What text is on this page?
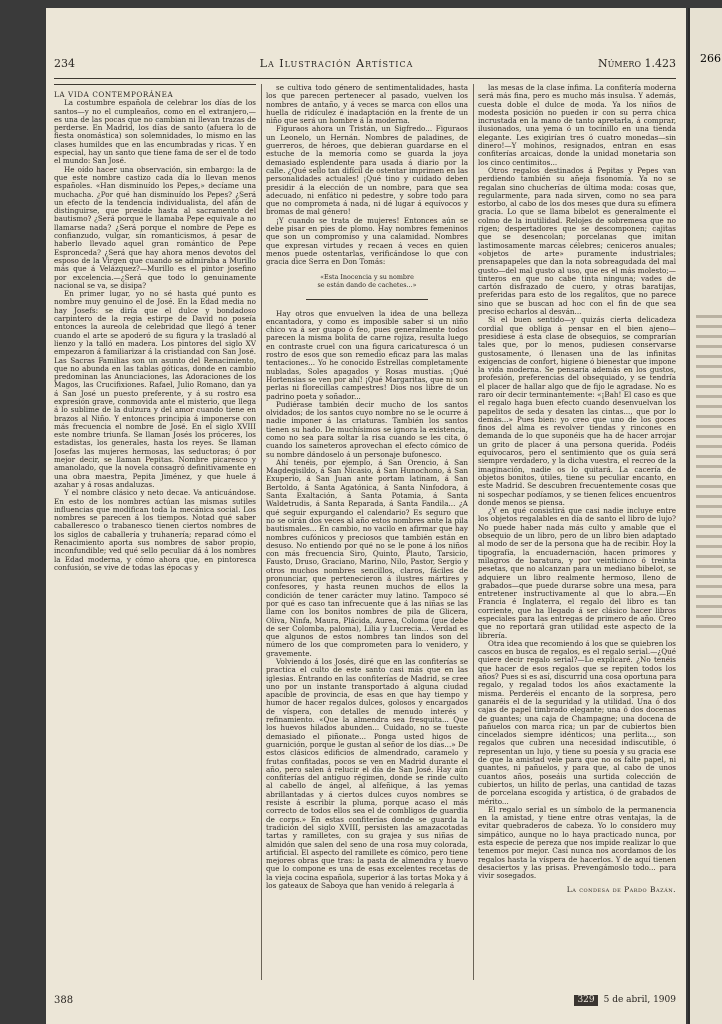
234	La Ilustración Artística	Número 1.423

LA VIDA CONTEMPORÁNEA

La costumbre española de celebrar los días de los santos—y no el cumpleaños, como en el extranjero,—es una de las pocas que no cambian ni llevan trazas de perderse. En Madrid, los días de santo (afuera lo de fiesta onomástica) son solemnidades, lo mismo en las clases humildes que en las encumbradas y ricas. Y en especial, hay un santo que tiene fama de ser el de todo el mundo: San José.

He oído hacer una observación, sin embargo: la de que este nombre castizo cada día lo llevan menos españoles. «Han disminuído los Pepes,» decíame una muchacha. ¿Por qué han disminuído los Pepes? ¿Será un efecto de la tendencia individualista, del afán de distinguirse, que preside hasta al sacramento del bautismo? ¿Será porque le llamaba Pepe equivale a no llamarse nada? ¿Será porque el nombre de Pepe es confianzudo, vulgar, sin romanticismos, á pesar de haberlo llevado aquel gran romántico de Pepe Espronceda? ¿Será que hay ahora menos devotos del esposo de la Virgen que cuando se admiraba a Murillo más que á Velázquez?—Murillo es el pintor josefino por excelencia.—¿Será que todo lo genuinamente nacional se va, se disipa?

En primer lugar, yo no sé hasta qué punto es nombre muy genuino el de José. En la Edad media no hay Josefs: se diría que el dulce y bondadoso carpintero de la regia estirpe de David no poseía entonces la aureola de celebridad que llegó á tener cuando el arte se apoderó de su figura y la trasladó al lienzo y la talló en madera. Los pintores del siglo XV empezaron á familiarizar á la cristiandad con San José. Las Sacras Familias son un asunto del Renacimiento, que no abunda en las tablas góticas, donde en cambio predominan las Anunciaciones, las Adoraciones de los Magos, las Crucifixiones. Rafael, Julio Romano, dan ya á San José un puesto preferente, y á su rostro esa expresión grave, conmovida ante el misterio, que llega á lo sublime de la dulzura y del amor cuando tiene en brazos al Niño. Y entonces principia á imponerse con más frecuencia el nombre de José. En el siglo XVIII este nombre triunfa. Se llaman Josés los próceres, los estadistas, los generales, hasta los reyes. Se llaman Josefas las mujeres hermosas, las seductoras; ó por mejor decir, se llaman Pepitas. Nombre picaresco y amanolado, que la novela consagró definitivamente en una obra maestra, Pepita Jiménez, y que huele á azahar y á rosas andaluzas.

Y el nombre clásico y neto decae. Va anticuándose. En esto de los nombres actúan las mismas sutiles influencias que modifican toda la mecánica social. Los nombres se parecen á los tiempos. Notad qué saber caballeresco o trabanesco tienen ciertos nombres de los siglos de caballería y truhanería; reparad cómo el Renacimiento aporta sus nombres de sabor propio, inconfundible; ved qué sello peculiar dá á los nombres la Edad moderna, y cómo ahora que, en pintoresca confusión, se vive de todas las épocas y

se cultiva todo género de sentimentalidades, hasta los que parecen pertenecer al pasado, vuelven los nombres de antaño, y á veces se marca con ellos una huella de ridículez é inadaptación en la frente de un niño que será un hombre á la moderna.

Figuraos ahora un Tristán, un Sigfredo... Figuraos un Leonelo, un Hernán. Nombres de paladines, de guerreros, de héroes, que debieran guardarse en el estuche de la memoria como se guarda la joya demasiado esplendente para usada á diario por la calle. ¿Qué sello tan difícil de ostentar imprimen en las personalidades actuales! ¡Qué tino y cuidado deben presidir á la elección de un nombre, para que sea adecuado, ni enfático ni pedestre, y sobre todo para que no comprometa á nada, ni dé lugar á equívocos y bromas de mal género!

¡Y cuando se trata de mujeres! Entonces aún se debe pisar en pies de plomo. Hay nombres femeninos que son un compromiso y una calamidad. Nombres que expresan virtudes y recaen á veces en quien menos puede ostentarlas, verificándose lo que con gracia dice Serra en Don Tomás:

«Esta Inocencia y su nombre
se están dando de cachetes...»

Hay otros que envuelven la idea de una belleza encantadora, y como es imposible saber si un niño chico va á ser guapo ó feo, pues generalmente todos parecen la misma bolita de carne rojiza, resulta luego en contraste cruel con una figura caricaturesca ó un rostro de esos que son remedio eficaz para las malas tentaciones... Yo he conocido Estrellas completamente nubladas, Soles apagados y Rosas mustias. ¡Qué Hortensias se ven por ahí! ¡Qué Margaritas, que ni son perlas ni florecillas campestres! Dios nos libre de un padrino poeta y soñador...

Pudiérase también decir mucho de los santos olvidados; de los santos cuyo nombre no se le ocurre á nadie imponer á las criaturas. También los santos tienen su hado. De muchísimos se ignora la existencia, como no sea para soltar la risa cuando se les cita, ó cuando los saineteros aprovechan el efecto cómico de su nombre dándoselo á un personaje bufonesco.

Ahí tenéis, por ejemplo, á San Orencio, á San Magdegisildo, á San Nicasio, á San Hunochono, á San Exuperio, á San Juan ante portam latinam, á San Bertoldo, á Santa Agatónica, á Santa Ninfodora, á Santa Exaltación, á Santa Potamia, á Santa Waldetrudis, á Santa Reparada, á Santa Fandila... ¿A qué seguir expurgando el calendario? Es seguro que no se oirán dos veces al año estos nombres ante la pila bautismales... En cambio, no vacilo en afirmar que hay nombres cufónicos y preciosos que también están en desuso. No entiendo por qué no se le pone á los niños con más frecuencia Siro, Quinto, Plauto, Tarsicio, Fausto, Druso, Graciano, Marino, Nilo, Pastor, Sergio y otros muchos nombres sencillos, claros, fáciles de pronunciar, que pertenecieron á ilustres mártires y confesores, y hasta reunen muchos de ellos la condición de tener carácter muy latino. Tampoco sé por qué es caso tan infrecuente que á las niñas se las llame con los bonitos nombres de pila de Glicera, Oliva, Ninfa, Maura, Plácida, Aurea, Coloma (que debe de ser Colomba, paloma), Lilia y Lucrecia... Verdad es que algunos de estos nombres tan lindos son del número de los que comprometen para lo venidero, y gravemente.

Volviendo á los Josés, diré que en las confiterías se practica el culto de este santo casi más que en las iglesias. Entrando en las confiterías de Madrid, se cree uno por un instante transportado á alguna ciudad apacible de provincia, de esas en que hay tiempo y humor de hacer regalos dulces, golosos y encargados de víspera, con detalles de menudo interés y refinamiento. «Que la almendra sea fresquita... Que los huevos hilados abunden... Cuidado, no se tueste demasiado el piñonate... Ponga usted higos de guarnición, porque le gustan al señor de los días...» De estos clásicos edificios de almendrado, caramelo y frutas confitadas, pocos se ven en Madrid durante el año, pero salen á relucir el día de San José. Hay aún confiterías del antiguo régimen, donde se rinde culto al cabello de ángel, al alfeñique, á las yemas abrillantadas y á ciertos dulces cuyos nombres se resiste á escribir la pluma, porque acaso el más correcto de todos ellos sea el de combligos de guardia de corps.» En estas confiterías donde se guarda la tradición del siglo XVIII, persisten las amazacotadas tartas y ramilletes, con su grajea y sus niñas de almidón que salen del seno de una rosa muy colorada, artificial. El aspecto del ramillete es cómico, pero tiene mejores obras que tras: la pasta de almendra y huevo que lo compone es una de esas excelentes recetas de la vieja cocina española, superior á las tortas Moka y á los gateaux de Saboya que han venido á relegarla á

las mesas de la clase ínfima. La confitería moderna será más fina, pero es mucho más insulsa. Y además, cuesta doble el dulce de moda. Ya los niños de modesta posición no pueden ir con su perra chica incrustada en la mano de tanto apretarla, á comprar, ilusionados, una yema ó un tocinillo en una tienda elegante. Les exigirían tres ó cuatro monedas—sin dinero!—Y mohinos, resignados, entran en esas confiterías arcaicas, donde la unidad monetaria son los cinco centimitos...

Otros regalos destinados á Pepitas y Pepes van perdiendo también su añeja fisonomía. Ya no se regalan sino chucherías de última moda: cosas que, regularmente, para nada sirven, como no sea para estorbo, al cabo de los dos meses que dura su efímera gracia. Lo que se llama bibelot es generalmente el colmo de la inutilidad. Relojes de sobremesa que no rigen; despertadores que se descomponen; cajitas que se desencolan; porcelanas que imitan lastimosamente marcas célebres; ceniceros anuales; «objetos de arte» puramente industriales; prensapapeles que dan la nota sobreagudada del mal gusto—del mal gusto al uso, que es el más molesto;—tinteros en que no cabe tinta ninguna; vades de cartón disfrazado de cuero, y otras baratijas, preferidas para esto de los regalitos, que no parece sino que se buscan ad hoc con el fin de que sea preciso echarlos al desván...

Si el buen sentido—y quizás cierta delicadeza cordial que obliga á pensar en el bien ajeno—presidiese á esta clase de obsequios, se comprarían tales que, por lo menos, pudiesen conservarse gustosamente, ó llenasen una de las infinitas exigencias de confort, higiene ó bienestar que impone la vida moderna. Se pensaría además en los gustos, profesión, preferencias del obsequiado, y se tendría el placer de hallar algo que de fijo le agradase. No es raro oír decir terminantemente: «¡Bah! El caso es que el regalo haga buen efecto cuando desenvuelvan los papelitos de seda y desaten las cintas..., que por lo demás...» Pues bien: yo creo que uno de los goces finos del alma es revolver tiendas y rincones en demanda de lo que suponéis que ha de hacer arrojar un grito de placer á una persona querida. Podéis equivocaros, pero el sentimiento que os guía será siempre verdadero, y la dicha vuestra, el recreo de la imaginación, nadie os lo quitará. La cacería de objetos bonitos, útiles, tiene su peculiar encanto, en este Madrid. Se descubren frecuentemente cosas que ni sospechar podíamos, y se tienen felices encuentros donde menos se piensa.

¿Y en qué consistirá que casi nadie incluye entre los objetos regalables en día de santo el libro de lujo? No puede haber nada más culto y amable que el obsequio de un libro, pero de un libro bien adaptado al modo de ser de la persona que ha de recibir. Hoy la tipografía, la encuadernación, hacen primores y milagros de baratura, y por veinticinco ó treinta pesetas, que no alcanzan para un mediano bibelot, se adquiere un libro realmente hermoso, lleno de grabados—que puede durarse sobre una mesa, para entretener instructivamente al que lo abra.—En Francia é Inglaterra, el regalo del libro es tan corriente, que ha llegado á ser clásico hacer libros especiales para las entregas de primero de año. Creo que no reportará gran utilidad este aspecto de la librería.

Otra idea que recomiendo á los que se quiebren los cascos en busca de regalos, es el regalo serial.—¿Qué quiere decir regalo serial?—Lo explicaré. ¿No tenéis que hacer de esos regalos que se repiten todos los años? Pues si es así, discurrid una cosa oportuna para regalo, y regalad todos los años exactamente la misma. Perderéis el encanto de la sorpresa, pero ganaréis el de la seguridad y la utilidad. Una ó dos cajas de papel timbrado elegante; una ó dos docenas de guantes; una caja de Champagne; una docena de pañuelos con marca rica; un par de cubiertos bien cincelados siempre idénticos; una perlita..., son regalos que cubren una necesidad indiscutible, ó representan un lujo, y tiene su poesía y su gracia ese de que la amistad vele para que no os falte papel, ni guantes, ni pañuelos, y para que, al cabo de unos cuantos años, poseáis una surtida colección de cubiertos, un hilito de perlas, una cantidad de tazas de porcelana escogida y artística, ó de grabados de mérito...

El regalo serial es un símbolo de la permanencia en la amistad, y tiene entre otras ventajas, la de evitar quebraderos de cabeza. Yo lo considero muy simpático, aunque no lo haya practicado nunca, por esta especie de pereza que nos impide realizar lo que tenemos por mejor. Casi nunca nos acordamos de los regalos hasta la víspera de hacerlos. Y de aquí tienen desaciertos y las prisas. Prevengámoslo todo... para vivir sosegados.

La condesa de Pardo Bazán.
388	329	5 de abril, 1909
266
